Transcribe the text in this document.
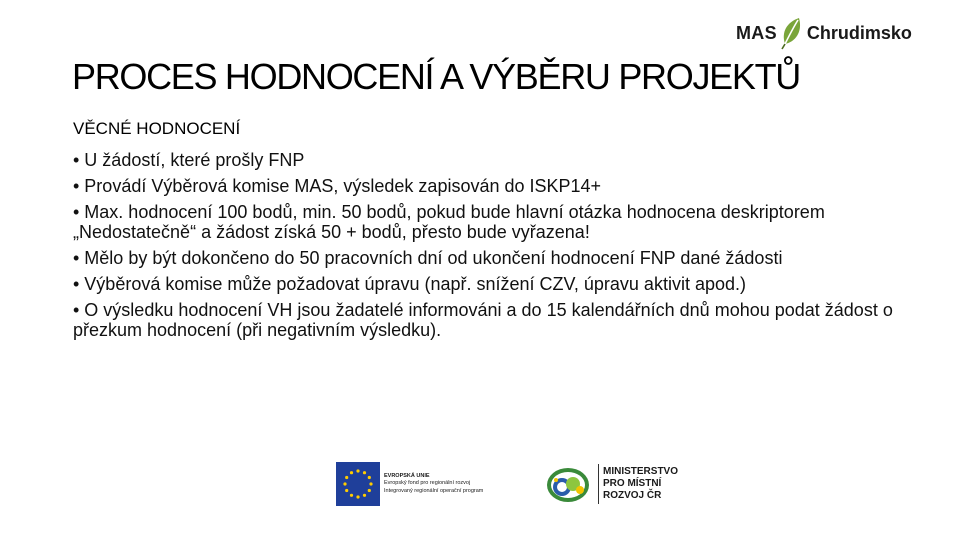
MAS Chrudimsko
PROCES HODNOCENÍ A VÝBĚRU PROJEKTŮ
VĚCNÉ HODNOCENÍ

• U žádostí, které prošly FNP

• Provádí Výběrová komise MAS, výsledek zapisován do ISKP14+

• Max. hodnocení 100 bodů, min. 50 bodů, pokud bude hlavní otázka hodnocena deskriptorem „Nedostatečně“ a žádost získá 50 + bodů, přesto bude vyřazena!

• Mělo by být dokončeno do 50 pracovních dní od ukončení hodnocení FNP dané žádosti

• Výběrová komise může požadovat úpravu (např. snížení CZV, úpravu aktivit apod.)

• O výsledku hodnocení VH jsou žadatelé informováni a do 15 kalendářních dnů mohou podat žádost o přezkum hodnocení (při negativním výsledku).

EVROPSKÁ UNIE
Evropský fond pro regionální rozvoj
Integrovaný regionální operační program
MINISTERSTVO
PRO MÍSTNÍ
ROZVOJ ČR
